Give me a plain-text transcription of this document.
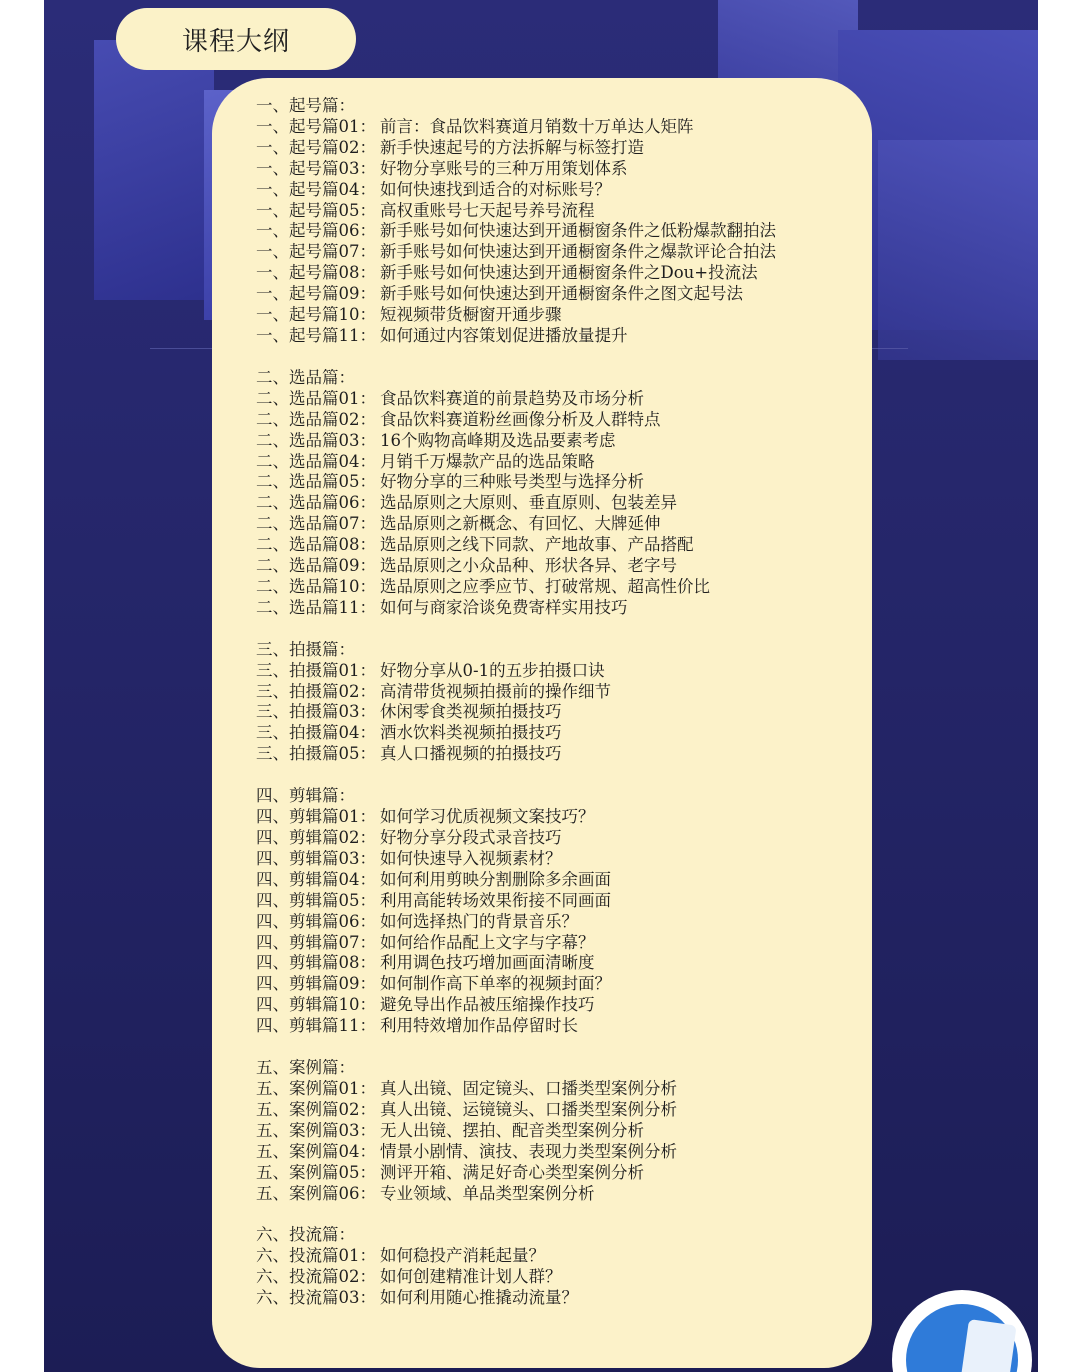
课程大纲
一、起号篇：
一、起号篇01： 前言：食品饮料赛道月销数十万单达人矩阵
一、起号篇02： 新手快速起号的方法拆解与标签打造
一、起号篇03： 好物分享账号的三种万用策划体系
一、起号篇04： 如何快速找到适合的对标账号？
一、起号篇05： 高权重账号七天起号养号流程
一、起号篇06： 新手账号如何快速达到开通橱窗条件之低粉爆款翻拍法
一、起号篇07： 新手账号如何快速达到开通橱窗条件之爆款评论合拍法
一、起号篇08： 新手账号如何快速达到开通橱窗条件之Dou+投流法
一、起号篇09： 新手账号如何快速达到开通橱窗条件之图文起号法
一、起号篇10： 短视频带货橱窗开通步骤
一、起号篇11： 如何通过内容策划促进播放量提升
二、选品篇：
二、选品篇01： 食品饮料赛道的前景趋势及市场分析
二、选品篇02： 食品饮料赛道粉丝画像分析及人群特点
二、选品篇03： 16个购物高峰期及选品要素考虑
二、选品篇04： 月销千万爆款产品的选品策略
二、选品篇05： 好物分享的三种账号类型与选择分析
二、选品篇06： 选品原则之大原则、垂直原则、包装差异
二、选品篇07： 选品原则之新概念、有回忆、大牌延伸
二、选品篇08： 选品原则之线下同款、产地故事、产品搭配
二、选品篇09： 选品原则之小众品种、形状各异、老字号
二、选品篇10： 选品原则之应季应节、打破常规、超高性价比
二、选品篇11： 如何与商家洽谈免费寄样实用技巧
三、拍摄篇：
三、拍摄篇01： 好物分享从0-1的五步拍摄口诀
三、拍摄篇02： 高清带货视频拍摄前的操作细节
三、拍摄篇03： 休闲零食类视频拍摄技巧
三、拍摄篇04： 酒水饮料类视频拍摄技巧
三、拍摄篇05： 真人口播视频的拍摄技巧
四、剪辑篇：
四、剪辑篇01： 如何学习优质视频文案技巧？
四、剪辑篇02： 好物分享分段式录音技巧
四、剪辑篇03： 如何快速导入视频素材？
四、剪辑篇04： 如何利用剪映分割删除多余画面
四、剪辑篇05： 利用高能转场效果衔接不同画面
四、剪辑篇06： 如何选择热门的背景音乐？
四、剪辑篇07： 如何给作品配上文字与字幕？
四、剪辑篇08： 利用调色技巧增加画面清晰度
四、剪辑篇09： 如何制作高下单率的视频封面？
四、剪辑篇10： 避免导出作品被压缩操作技巧
四、剪辑篇11： 利用特效增加作品停留时长
五、案例篇：
五、案例篇01： 真人出镜、固定镜头、口播类型案例分析
五、案例篇02： 真人出镜、运镜镜头、口播类型案例分析
五、案例篇03： 无人出镜、摆拍、配音类型案例分析
五、案例篇04： 情景小剧情、演技、表现力类型案例分析
五、案例篇05： 测评开箱、满足好奇心类型案例分析
五、案例篇06： 专业领域、单品类型案例分析
六、投流篇：
六、投流篇01： 如何稳投产消耗起量？
六、投流篇02： 如何创建精准计划人群？
六、投流篇03： 如何利用随心推撬动流量？
